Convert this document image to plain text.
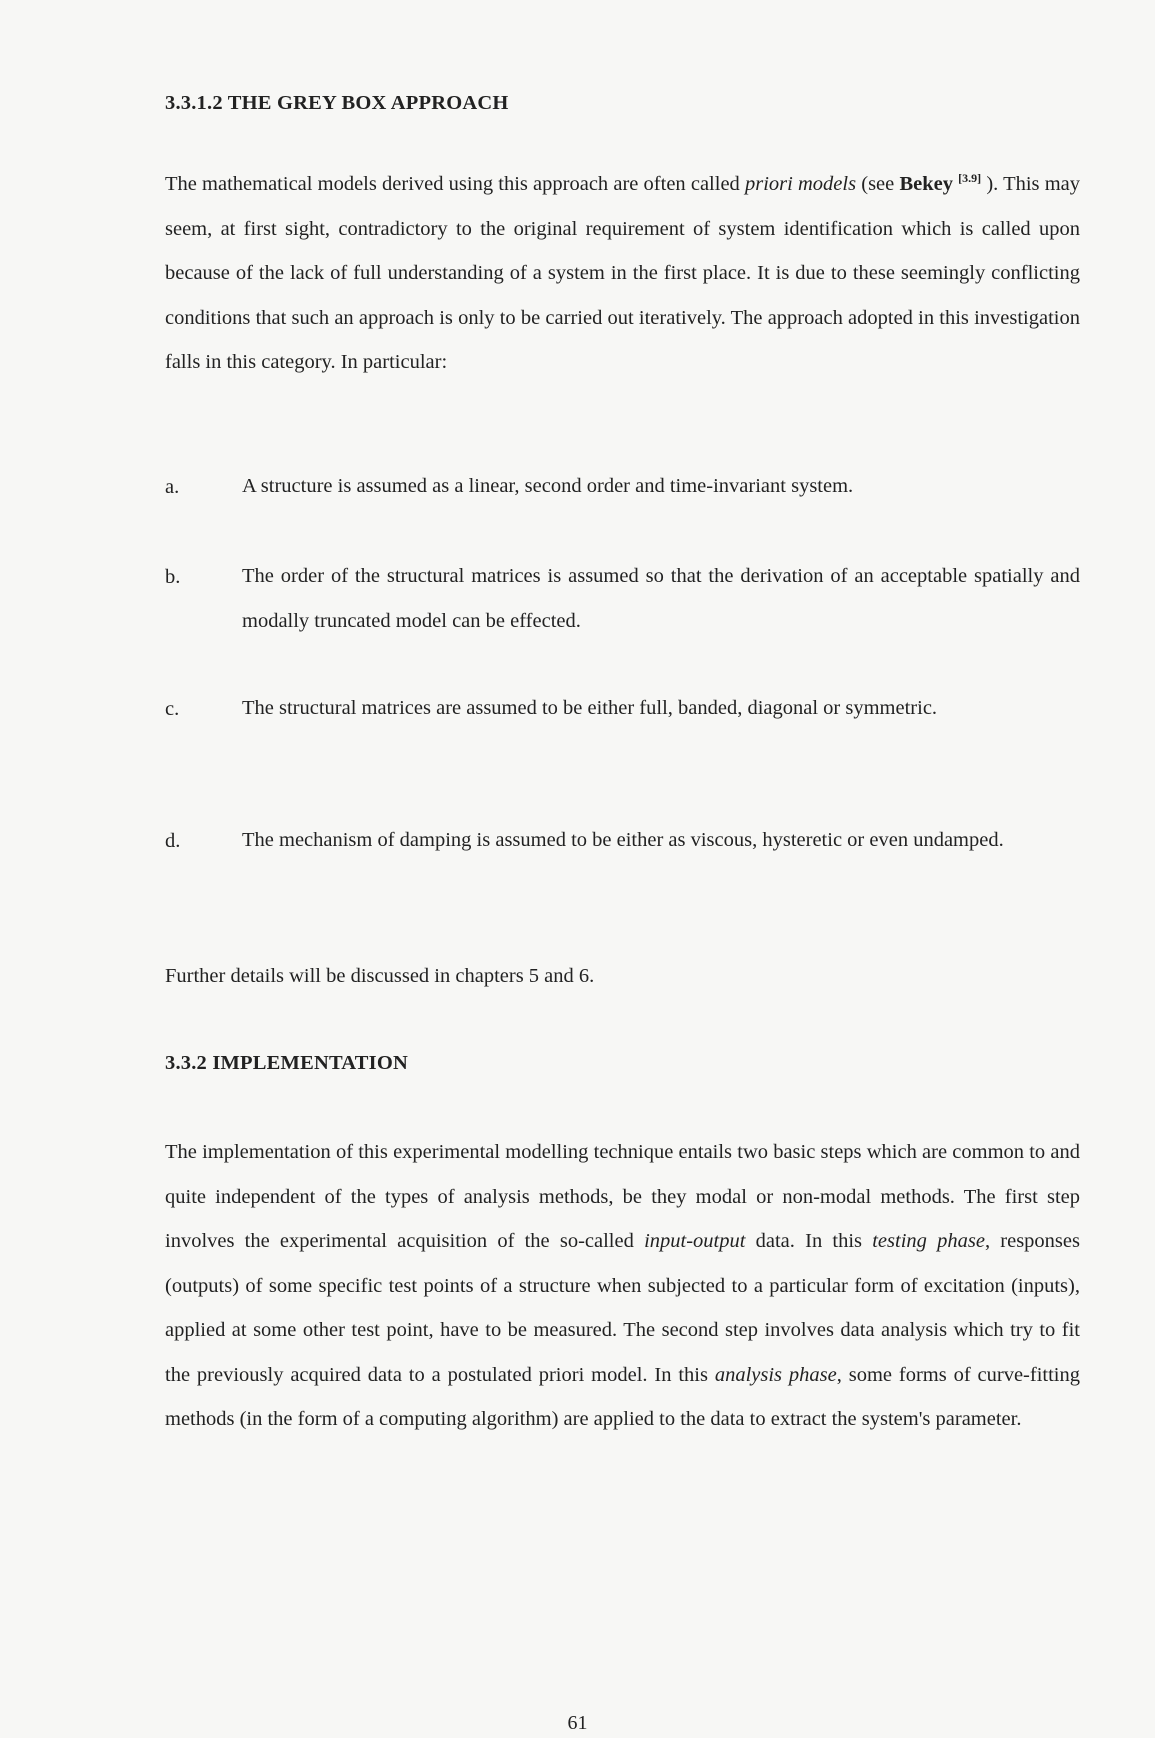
3.3.1.2 THE GREY BOX APPROACH

The mathematical models derived using this approach are often called priori models (see Bekey [3.9] ). This may seem, at first sight, contradictory to the original requirement of system identification which is called upon because of the lack of full understanding of a system in the first place. It is due to these seemingly conflicting conditions that such an approach is only to be carried out iteratively. The approach adopted in this investigation falls in this category. In particular:

a.	A structure is assumed as a linear, second order and time-invariant system.
b.	The order of the structural matrices is assumed so that the derivation of an acceptable spatially and modally truncated model can be effected.
c.	The structural matrices are assumed to be either full, banded, diagonal or symmetric.
d.	The mechanism of damping is assumed to be either as viscous, hysteretic or even undamped.
Further details will be discussed in chapters 5 and 6.
3.3.2 IMPLEMENTATION

The implementation of this experimental modelling technique entails two basic steps which are common to and quite independent of the types of analysis methods, be they modal or non-modal methods. The first step involves the experimental acquisition of the so-called input-output data. In this testing phase, responses (outputs) of some specific test points of a structure when subjected to a particular form of excitation (inputs), applied at some other test point, have to be measured. The second step involves data analysis which try to fit the previously acquired data to a postulated priori model. In this analysis phase, some forms of curve-fitting methods (in the form of a computing algorithm) are applied to the data to extract the system's parameter.

61
